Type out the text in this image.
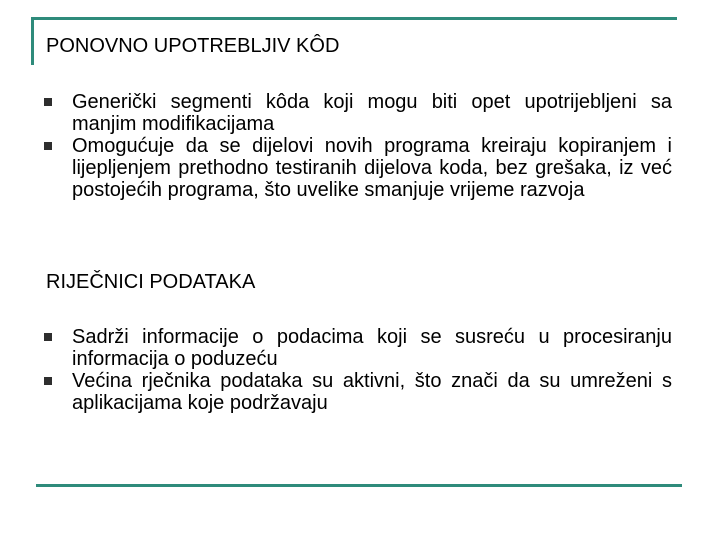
PONOVNO UPOTREBLJIV KÔD
Generički segmenti kôda koji mogu biti opet upotrijebljeni sa manjim modifikacijama
Omogućuje da se dijelovi novih programa kreiraju kopiranjem i lijepljenjem prethodno testiranih dijelova koda, bez grešaka, iz već postojećih programa, što uvelike smanjuje vrijeme razvoja
RIJEČNICI PODATAKA
Sadrži informacije o podacima koji se susreću u procesiranju informacija o poduzeću
Većina rječnika podataka su aktivni, što znači da su umreženi s aplikacijama koje podržavaju
